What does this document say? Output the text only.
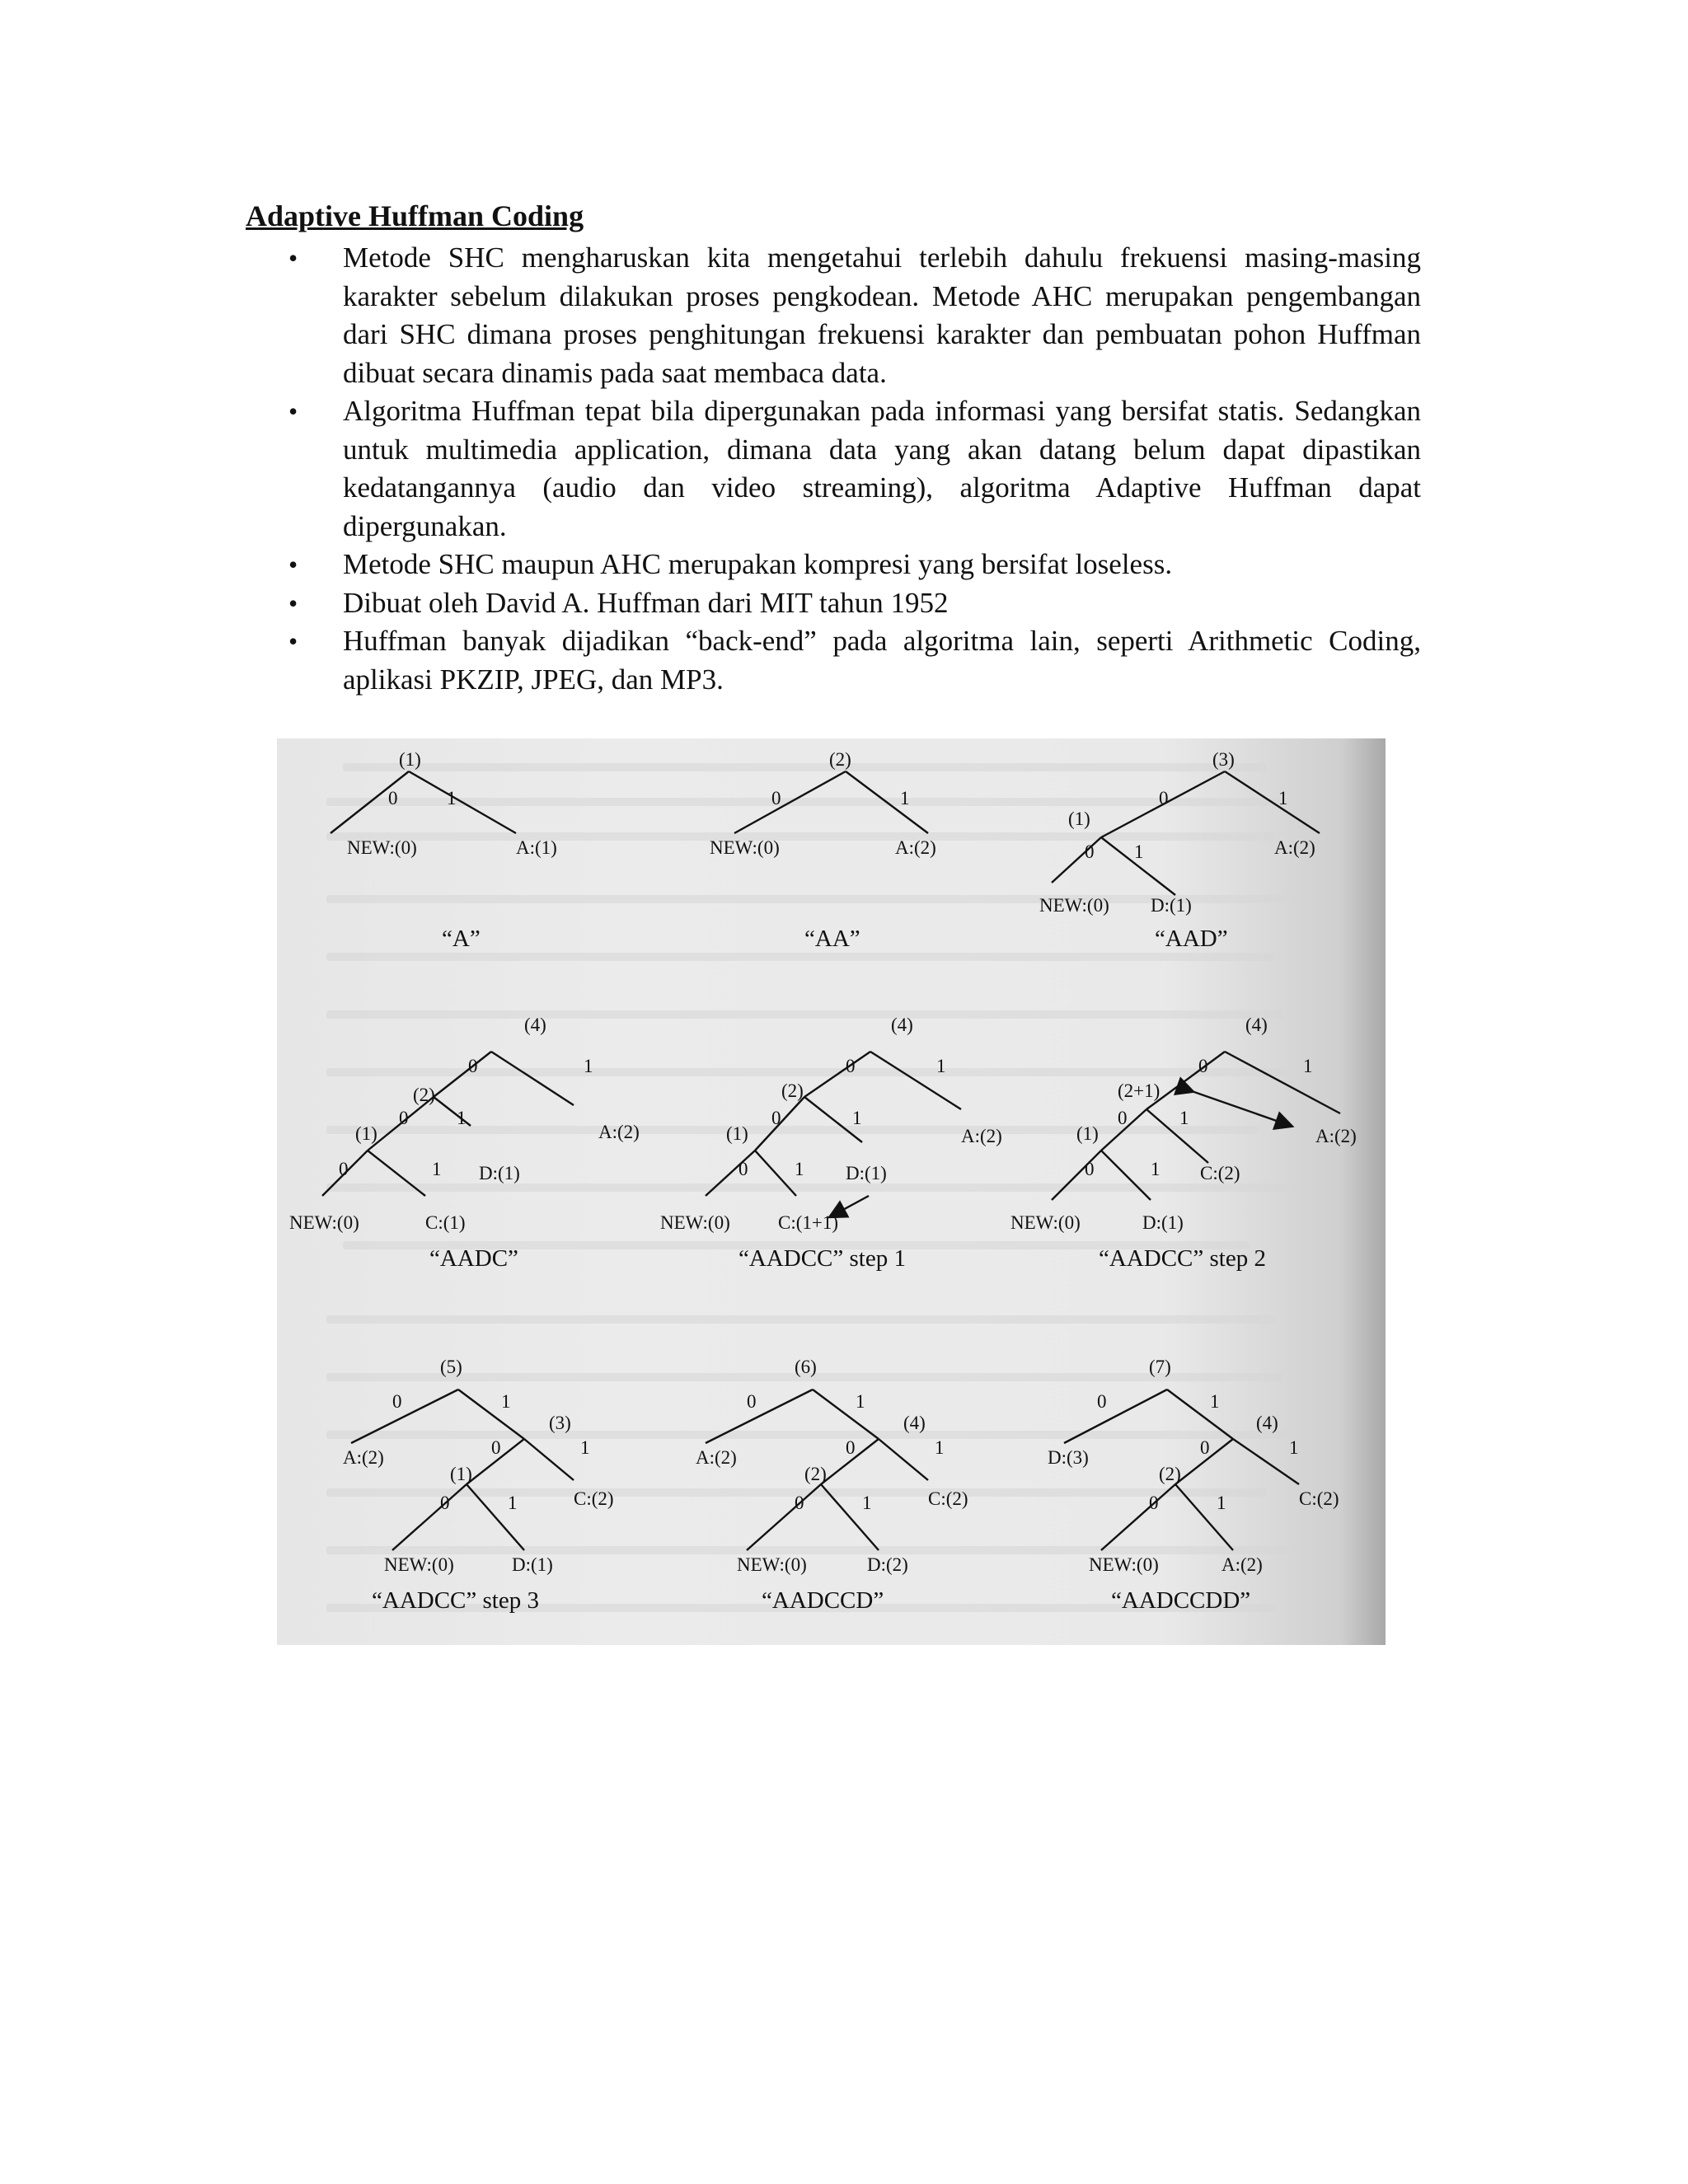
Adaptive Huffman Coding
• Metode SHC mengharuskan kita mengetahui terlebih dahulu frekuensi masing-masing karakter sebelum dilakukan proses pengkodean. Metode AHC merupakan pengembangan dari SHC dimana proses penghitungan frekuensi karakter dan pembuatan pohon Huffman dibuat secara dinamis pada saat membaca data.
• Algoritma Huffman tepat bila dipergunakan pada informasi yang bersifat statis. Sedangkan untuk multimedia application, dimana data yang akan datang belum dapat dipastikan kedatangannya (audio dan video streaming), algoritma Adaptive Huffman dapat dipergunakan.
• Metode SHC maupun AHC merupakan kompresi yang bersifat loseless.
• Dibuat oleh David A. Huffman dari MIT tahun 1952
• Huffman banyak dijadikan “back-end” pada algoritma lain, seperti Arithmetic Coding, aplikasi PKZIP, JPEG, dan MP3.
(1)
0	1
NEW:(0)	A:(1)
“A”
(2)
0	1
NEW:(0)	A:(2)
“AA”
(3)
0	1
(1)
0 1	A:(2)
NEW:(0) D:(1)
“AAD”
(4)
0	1
(2)
A:(2)
0	1
(1)
D:(1)
0	1
NEW:(0)	C:(1)
“AADC”
(4)
0	1
(2)
A:(2)
0	1
(1)
D:(1)
0 1
NEW:(0)	C:(1+1)
“AADCC” step 1
(4)
0	1
(2+1)
A:(2)
0	1
(1)
C:(2)
0	1
NEW:(0)	D:(1)
“AADCC” step 2
(5)
0	1
A:(2)
(3)
0	1
(1)
C:(2)
0	1
NEW:(0)	D:(1)
“AADCC” step 3
(6)
0	1
A:(2)
(4)
0	1
(2)
C:(2)
0	1
NEW:(0)	D:(2)
“AADCCD”
(7)
0	1
D:(3)
(4)
0	1
(2)
C:(2)
0	1
NEW:(0)	A:(2)
“AADCCDD”
